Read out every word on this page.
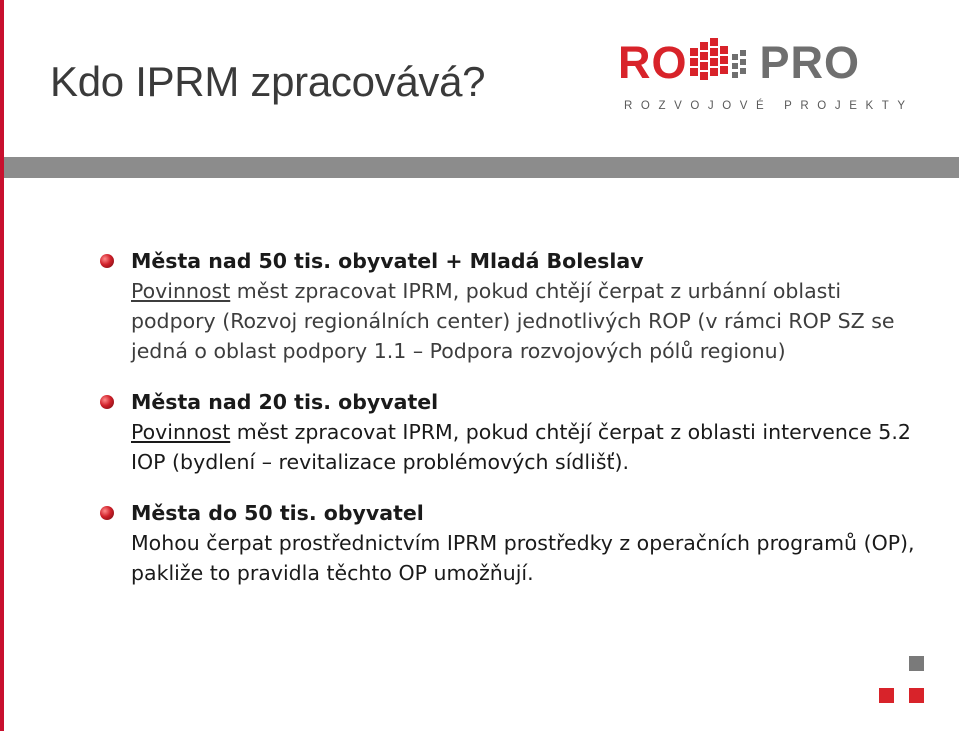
Kdo IPRM zpracovává?	RO PRO
ROZVOJOVÉ PROJEKTY
Města nad 50 tis. obyvatel + Mladá Boleslav
Povinnost měst zpracovat IPRM, pokud chtějí čerpat z urbánní oblasti podpory (Rozvoj regionálních center) jednotlivých ROP (v rámci ROP SZ se jedná o oblast podpory 1.1 – Podpora rozvojových pólů regionu)
Města nad 20 tis. obyvatel
Povinnost měst zpracovat IPRM, pokud chtějí čerpat z oblasti intervence 5.2 IOP (bydlení – revitalizace problémových sídlišť).
Města do 50 tis. obyvatel
Mohou čerpat prostřednictvím IPRM prostředky z operačních programů (OP), pakliže to pravidla těchto OP umožňují.
